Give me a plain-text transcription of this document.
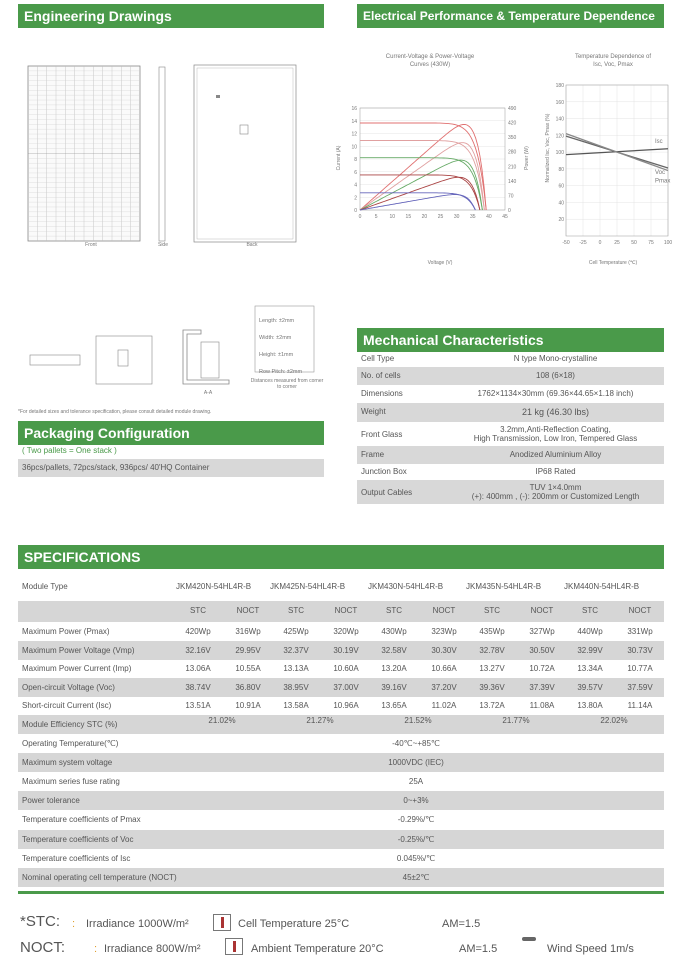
Engineering Drawings
Front	Side	Back
A-A
Length: ±2mm
Width: ±2mm
Height: ±1mm
Row Pitch: ±2mm
Distances measured from corner to corner
*For detailed sizes and tolerance specification, please consult detailed module drawing.
Packaging Configuration
( Two pallets = One stack )
36pcs/pallets, 72pcs/stack, 936pcs/ 40'HQ Container
Electrical Performance & Temperature Dependence
Current-Voltage & Power-Voltage
Curves (430W)
Voltage (V)
Current (A)	Power (W)
0
2
4
6
8
10
12
14
16
0
70
140
210
280
350
420
490
0	5 10 15 20 25 30 35 40 45
Temperature Dependence of
Isc, Voc, Pmax
Cell Temperature (℃)
Normalized Isc, Voc, Pmax (%)
20
40
60
80
100
120
140
160
180
-50 -25 0	25 50 75 100
Isc
Voc
Pmax
Mechanical Characteristics
Cell Type	N type Mono-crystalline
No. of cells	108 (6×18)
Dimensions	1762×1134×30mm (69.36×44.65×1.18 inch)
Weight	21 kg (46.30 lbs)
Front Glass
3.2mm,Anti-Reflection Coating,
High Transmission, Low Iron, Tempered Glass
Frame	Anodized Aluminium Alloy
Junction Box	IP68 Rated
Output Cables
TUV 1×4.0mm
(+): 400mm , (-): 200mm or Customized Length
SPECIFICATIONS
Module Type	JKM420N-54HL4R-B	JKM425N-54HL4R-B	JKM430N-54HL4R-B	JKM435N-54HL4R-B	JKM440N-54HL4R-B
STC	NOCT	STC	NOCT	STC	NOCT	STC	NOCT	STC	NOCT
Maximum Power (Pmax)	420Wp	316Wp	425Wp	320Wp	430Wp	323Wp	435Wp	327Wp	440Wp	331Wp
Maximum Power Voltage (Vmp)	32.16V	29.95V	32.37V	30.19V	32.58V	30.30V	32.78V	30.50V	32.99V	30.73V
Maximum Power Current (Imp)	13.06A	10.55A	13.13A	10.60A	13.20A	10.66A	13.27V	10.72A	13.34A	10.77A
Open-circuit Voltage (Voc)	38.74V	36.80V	38.95V	37.00V	39.16V	37.20V	39.36V	37.39V	39.57V	37.59V
Short-circuit Current (Isc)	13.51A	10.91A	13.58A	10.96A	13.65A	11.02A	13.72A	11.08A	13.80A	11.14A
Module Efficiency STC (%)	21.02%	21.27%	21.52%	21.77%	22.02%
Operating Temperature(℃)	-40℃~+85℃
Maximum system voltage	1000VDC (IEC)
Maximum series fuse rating	25A
Power tolerance	0~+3%
Temperature coefficients of Pmax	-0.29%/℃
Temperature coefficients of Voc	-0.25%/℃
Temperature coefficients of Isc	0.045%/℃
Nominal operating cell temperature (NOCT)	45±2℃
*STC: : Irradiance 1000W/m²	Cell Temperature 25°C	AM=1.5
NOCT:	: Irradiance 800W/m²	Ambient Temperature 20°C	AM=1.5	Wind Speed 1m/s
